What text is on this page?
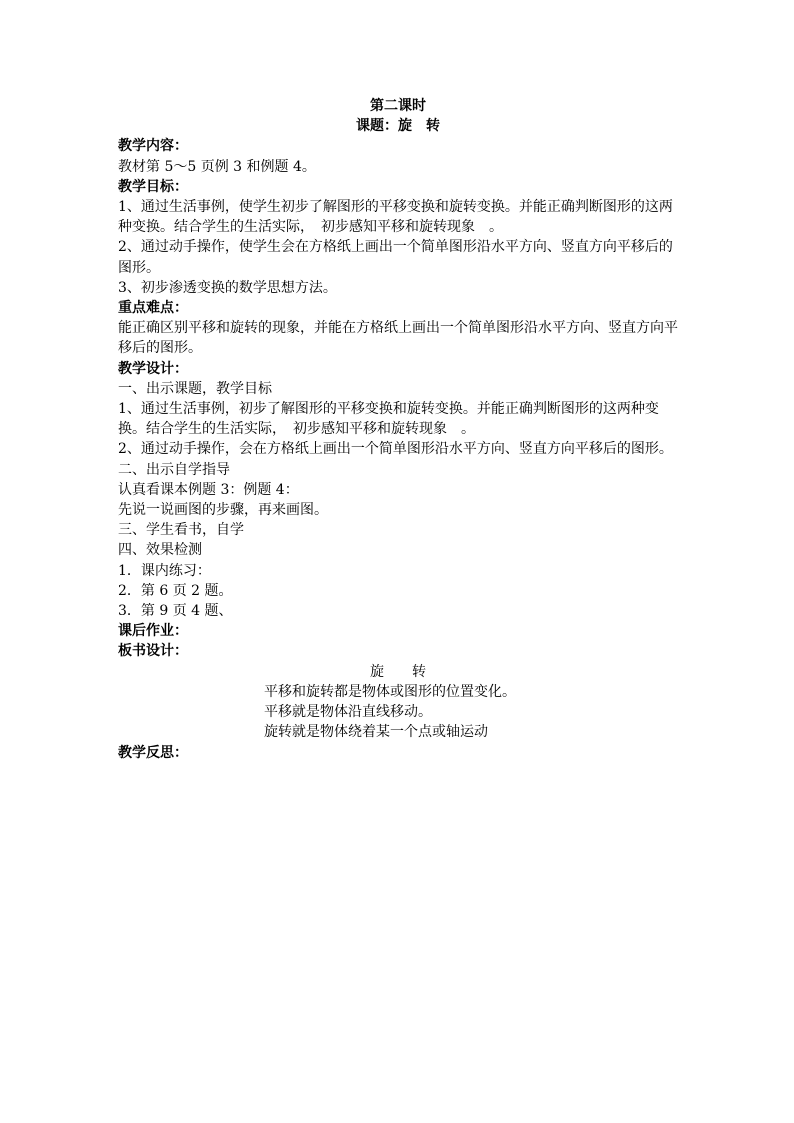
第二课时

课题：旋　转

教学内容：

教材第 5～5 页例 3 和例题 4。

教学目标：

1、通过生活事例，使学生初步了解图形的平移变换和旋转变换。并能正确判断图形的这两种变换。结合学生的生活实际，　初步感知平移和旋转现象　。

2、通过动手操作，使学生会在方格纸上画出一个简单图形沿水平方向、竖直方向平移后的图形。

3、初步渗透变换的数学思想方法。

重点难点：

能正确区别平移和旋转的现象，并能在方格纸上画出一个简单图形沿水平方向、竖直方向平移后的图形。

教学设计：

一、出示课题，教学目标

1、通过生活事例，初步了解图形的平移变换和旋转变换。并能正确判断图形的这两种变换。结合学生的生活实际，　初步感知平移和旋转现象　。

2、通过动手操作，会在方格纸上画出一个简单图形沿水平方向、竖直方向平移后的图形。

二、出示自学指导

认真看课本例题 3：例题 4：

先说一说画图的步骤，再来画图。

三、学生看书，自学

四、效果检测

1．课内练习：

2．第 6 页 2 题。

3．第 9 页 4 题、

课后作业：

板书设计：

旋　　转

平移和旋转都是物体或图形的位置变化。

平移就是物体沿直线移动。

旋转就是物体绕着某一个点或轴运动

教学反思：
